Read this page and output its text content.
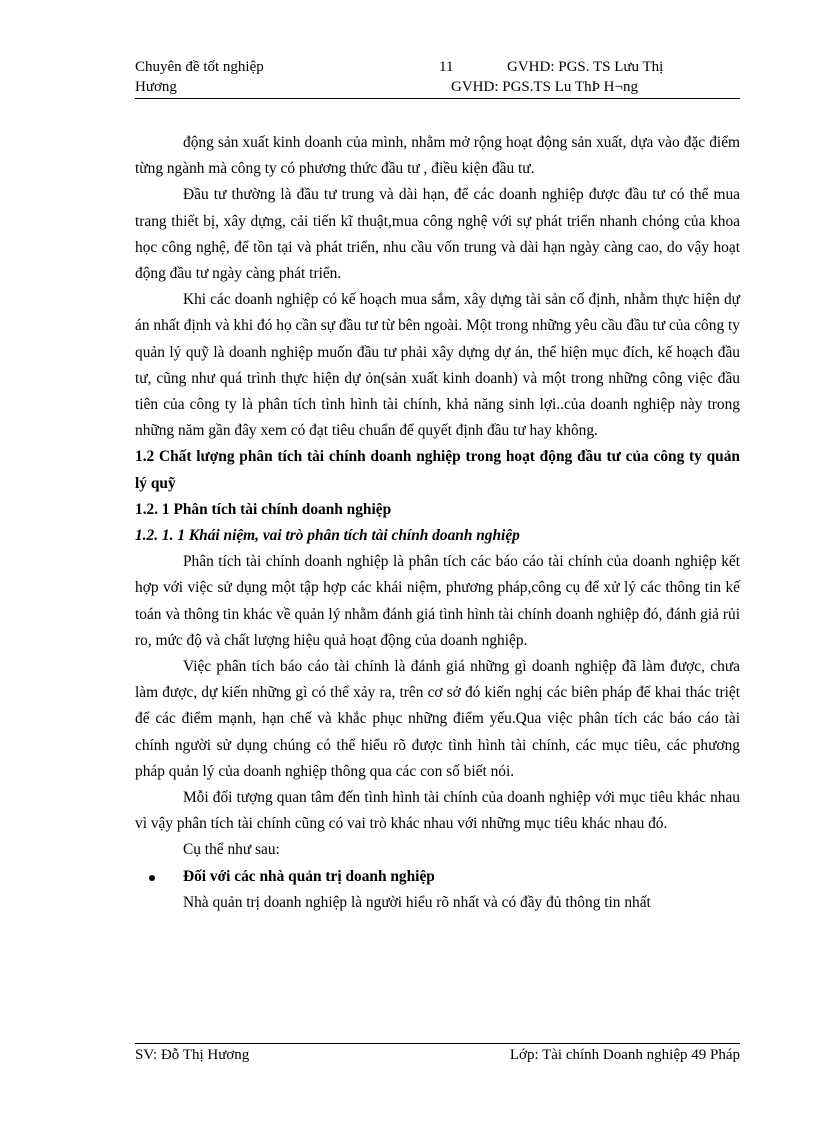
Chuyên đề tốt nghiệp	11	GVHD: PGS. TS Lưu Thị
Hương	GVHD: PGS.TS Lu ThÞ H¬ng

động sản xuất kinh doanh của mình, nhằm mở rộng hoạt động sản xuất, dựa vào đặc điểm từng ngành mà công ty có phương thức đầu tư , điều kiện đầu tư.

Đầu tư thường là đầu tư trung và dài hạn, để các doanh nghiệp được đầu tư có thể mua trang thiết bị, xây dựng, cải tiến kĩ thuật,mua công nghệ với sự phát triển nhanh chóng của khoa học công nghệ, để tồn tại và phát triển, nhu cầu vốn trung và dài hạn ngày càng cao, do vậy hoạt động đầu tư ngày càng phát triển.

Khi các doanh nghiệp có kế hoạch mua sắm, xây dựng tài sản cố định, nhằm thực hiện dự án nhất định và khi đó họ cần sự đầu tư từ bên ngoài. Một trong những yêu cầu đầu tư của công ty quản lý quỹ là doanh nghiệp muốn đầu tư phải xây dựng dự án, thể hiện mục đích, kế hoạch đầu tư, cũng như quá trình thực hiện dự ỏn(sản xuất kinh doanh) và một trong những công việc đầu tiên của công ty là phân tích tình hình tài chính, khả năng sinh lợi..của doanh nghiệp này trong những năm gần đây xem có đạt tiêu chuẩn để quyết định đầu tư hay không.

1.2 Chất lượng phân tích tài chính doanh nghiệp trong hoạt động đầu tư của công ty quản lý quỹ

1.2. 1 Phân tích tài chính doanh nghiệp

1.2. 1. 1 Khái niệm, vai trò phân tích tài chính doanh nghiệp

Phân tích tài chính doanh nghiệp là phân tích các báo cáo tài chính của doanh nghiệp kết hợp với việc sử dụng một tập hợp các khái niệm, phương pháp,công cụ để xử lý các thông tin kế toán và thông tin khác về quản lý nhằm đánh giá tình hình tài chính doanh nghiệp đó, đánh giả rủi ro, mức độ và chất lượng hiệu quả hoạt động của doanh nghiệp.

Việc phân tích báo cáo tài chính là đánh giá những gì doanh nghiệp đã làm được, chưa làm được, dự kiến những gì có thể xảy ra, trên cơ sở đó kiến nghị các biên pháp để khai thác triệt để các điểm mạnh, hạn chế và khắc phục những điểm yếu.Qua việc phân tích các báo cáo tài chính người sử dụng chúng có thể hiểu rõ được tình hình tài chính, các mục tiêu, các phương pháp quản lý của doanh nghiệp thông qua các con số biết nói.

Mỗi đối tượng quan tâm đến tình hình tài chính của doanh nghiệp với mục tiêu khác nhau vì vậy phân tích tài chính cũng có vai trò khác nhau với những mục tiêu khác nhau đó.

Cụ thể như sau:

Đối với các nhà quản trị doanh nghiệp

Nhà quản trị doanh nghiệp là người hiểu rõ nhất và có đầy đủ thông tin nhất

SV: Đỗ Thị Hương	Lớp: Tài chính Doanh nghiệp 49 Pháp
